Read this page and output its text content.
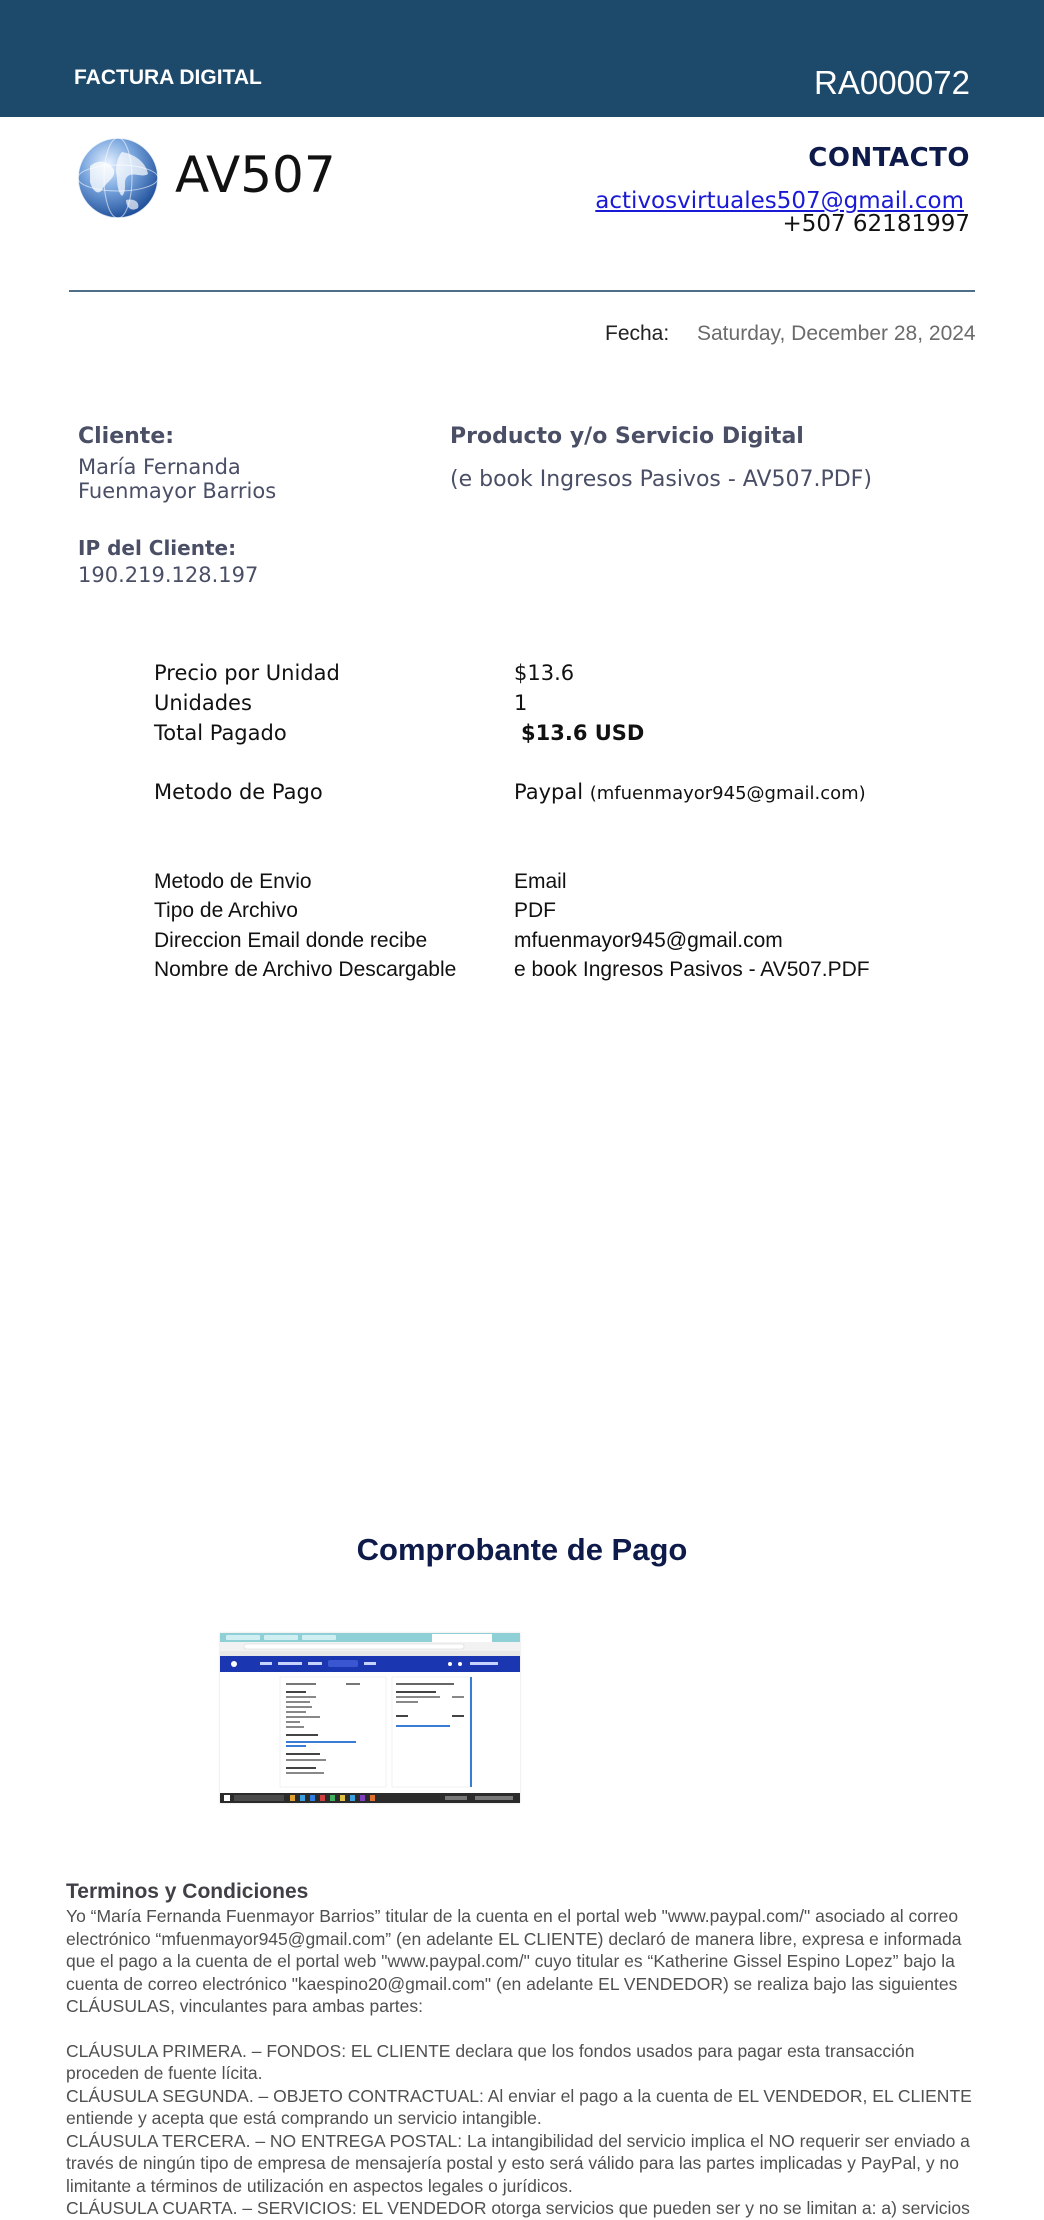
FACTURA DIGITAL	RA000072
AV507	CONTACTO
activosvirtuales507@gmail.com
+507 62181997
Fecha: Saturday, December 28, 2024
Cliente:
María Fernanda Fuenmayor Barrios
IP del Cliente:
190.219.128.197
Producto y/o Servicio Digital
(e book Ingresos Pasivos - AV507.PDF)
Precio por Unidad	$13.6
Unidades	1
Total Pagado	$13.6 USD
Metodo de Pago	Paypal (mfuenmayor945@gmail.com)
Metodo de Envio	Email
Tipo de Archivo	PDF
Direccion Email donde recibe	mfuenmayor945@gmail.com
Nombre de Archivo Descargable	e book Ingresos Pasivos - AV507.PDF
Comprobante de Pago
Terminos y Condiciones

Yo “María Fernanda Fuenmayor Barrios” titular de la cuenta en el portal web "www.paypal.com/" asociado al correo electrónico “mfuenmayor945@gmail.com” (en adelante EL CLIENTE) declaró de manera libre, expresa e informada que el pago a la cuenta de el portal web "www.paypal.com/" cuyo titular es “Katherine Gissel Espino Lopez” bajo la cuenta de correo electrónico "kaespino20@gmail.com" (en adelante EL VENDEDOR) se realiza bajo las siguientes CLÁUSULAS, vinculantes para ambas partes:

CLÁUSULA PRIMERA. – FONDOS: EL CLIENTE declara que los fondos usados para pagar esta transacción proceden de fuente lícita.

CLÁUSULA SEGUNDA. – OBJETO CONTRACTUAL: Al enviar el pago a la cuenta de EL VENDEDOR, EL CLIENTE entiende y acepta que está comprando un servicio intangible.

CLÁUSULA TERCERA. – NO ENTREGA POSTAL: La intangibilidad del servicio implica el NO requerir ser enviado a través de ningún tipo de empresa de mensajería postal y esto será válido para las partes implicadas y PayPal, y no limitante a términos de utilización en aspectos legales o jurídicos.

CLÁUSULA CUARTA. – SERVICIOS: EL VENDEDOR otorga servicios que pueden ser y no se limitan a: a) servicios
